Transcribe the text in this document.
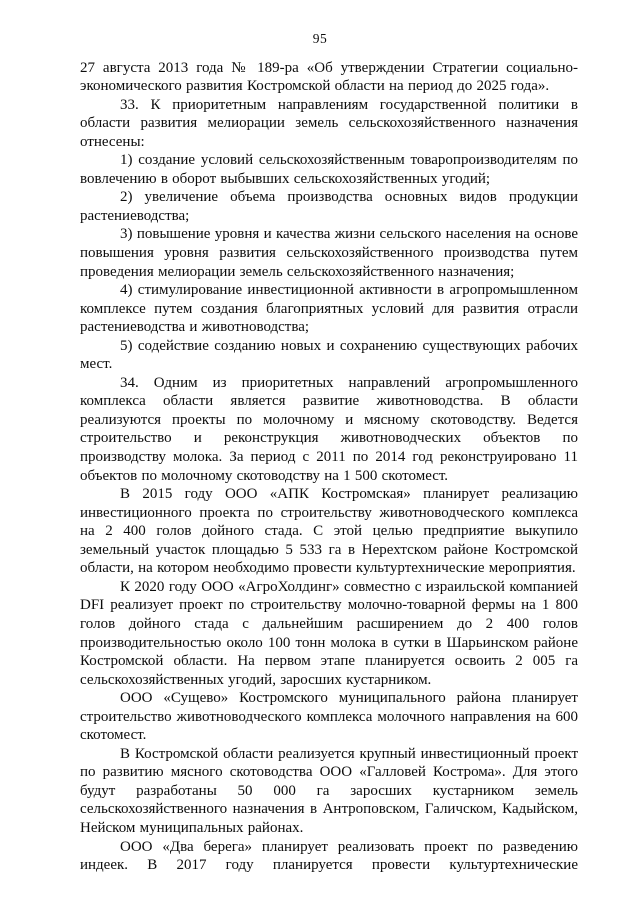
95

27 августа 2013 года № 189-ра «Об утверждении Стратегии социально-экономического развития Костромской области на период до 2025 года».

33. К приоритетным направлениям государственной политики в области развития мелиорации земель сельскохозяйственного назначения отнесены:

1) создание условий сельскохозяйственным товаропроизводителям по вовлечению в оборот выбывших сельскохозяйственных угодий;

2) увеличение объема производства основных видов продукции растениеводства;

3) повышение уровня и качества жизни сельского населения на основе повышения уровня развития сельскохозяйственного производства путем проведения мелиорации земель сельскохозяйственного назначения;

4) стимулирование инвестиционной активности в агропромышленном комплексе путем создания благоприятных условий для развития отрасли растениеводства и животноводства;

5) содействие созданию новых и сохранению существующих рабочих мест.

34. Одним из приоритетных направлений агропромышленного комплекса области является развитие животноводства. В области реализуются проекты по молочному и мясному скотоводству. Ведется строительство и реконструкция животноводческих объектов по производству молока. За период с 2011 по 2014 год реконструировано 11 объектов по молочному скотоводству на 1 500 скотомест.

В 2015 году ООО «АПК Костромская» планирует реализацию инвестиционного проекта по строительству животноводческого комплекса на 2 400 голов дойного стада. С этой целью предприятие выкупило земельный участок площадью 5 533 га в Нерехтском районе Костромской области, на котором необходимо провести культуртехнические мероприятия.

К 2020 году ООО «АгроХолдинг» совместно с израильской компанией DFI реализует проект по строительству молочно-товарной фермы на 1 800 голов дойного стада с дальнейшим расширением до 2 400 голов производительностью около 100 тонн молока в сутки в Шарьинском районе Костромской области. На первом этапе планируется освоить 2 005 га сельскохозяйственных угодий, заросших кустарником.

ООО «Сущево» Костромского муниципального района планирует строительство животноводческого комплекса молочного направления на 600 скотомест.

В Костромской области реализуется крупный инвестиционный проект по развитию мясного скотоводства ООО «Галловей Кострома». Для этого будут разработаны 50 000 га заросших кустарником земель сельскохозяйственного назначения в Антроповском, Галичском, Кадыйском, Нейском муниципальных районах.

ООО «Два берега» планирует реализовать проект по разведению индеек. В 2017 году планируется провести культуртехнические
